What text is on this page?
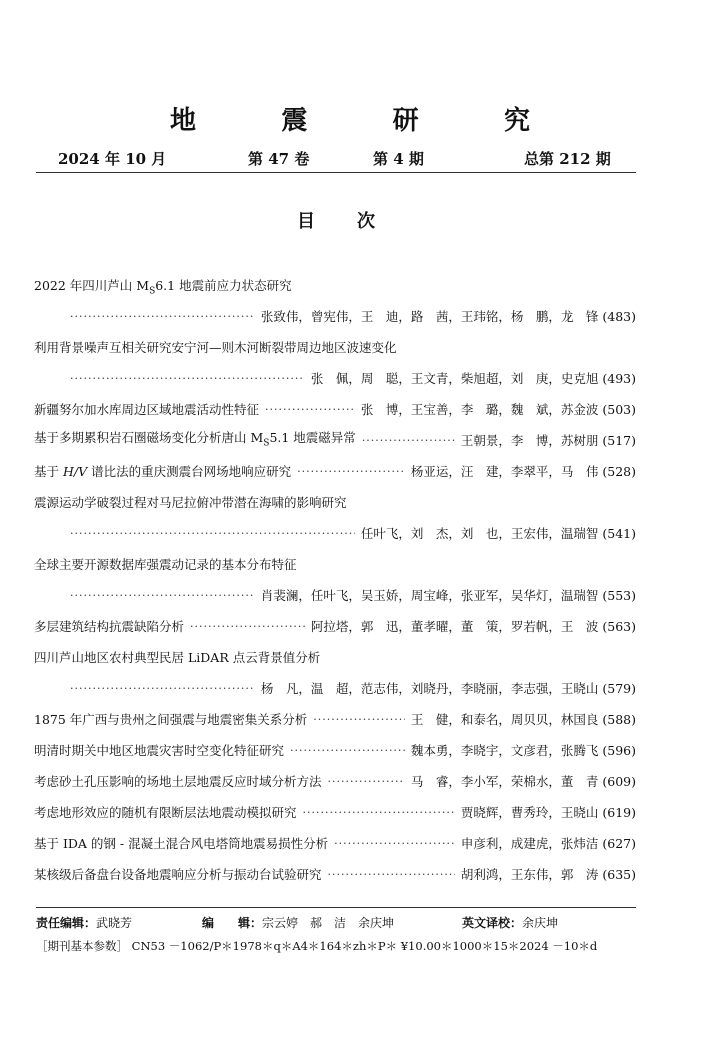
地	震	研	究
2024 年 10 月	第 47 卷	第 4 期	总第 212 期
目 次
2022 年四川芦山 $M_S6.1$ 地震前应力状态研究
·····
张致伟，曾宪伟，王　迪，路　茜，王玮铭，杨　鹏，龙　锋 (483)
利用背景噪声互相关研究安宁河—则木河断裂带周边地区波速变化
·····
张　佩，周　聪，王文青，柴旭超，刘　庚，史克旭 (493)
新疆努尔加水库周边区域地震活动性特征 ·····	张　博，王宝善，李　璐，魏　斌，苏金波 (503)
基于多期累积岩石圈磁场变化分析唐山 $M_S5.1$ 地震磁异常 ·····	王朝景，李　博，苏树朋 (517)
基于 H/V 谱比法的重庆测震台网场地响应研究 ·····	杨亚运，汪　建，李翠平，马　伟 (528)
震源运动学破裂过程对马尼拉俯冲带潜在海啸的影响研究
·····
任叶飞，刘　杰，刘　也，王宏伟，温瑞智 (541)
全球主要开源数据库强震动记录的基本分布特征
·····
肖裴澜，任叶飞，吴玉娇，周宝峰，张亚军，吴华灯，温瑞智 (553)
多层建筑结构抗震缺陷分析 ·····	阿拉塔，郭　迅，董孝曜，董　策，罗若帆，王　波 (563)
四川芦山地区农村典型民居 LiDAR 点云背景值分析
·····
杨　凡，温　超，范志伟，刘晓丹，李晓丽，李志强，王晓山 (579)
1875 年广西与贵州之间强震与地震密集关系分析 ·····	王　健，和泰名，周贝贝，林国良 (588)
明清时期关中地区地震灾害时空变化特征研究 ·····	魏本勇，李晓宇，文彦君，张腾飞 (596)
考虑砂土孔压影响的场地土层地震反应时域分析方法 ·····	马　睿，李小军，荣棉水，董　青 (609)
考虑地形效应的随机有限断层法地震动模拟研究 ·····	贾晓辉，曹秀玲，王晓山 (619)
基于 IDA 的钢 - 混凝土混合风电塔筒地震易损性分析 ·····	申彦利，成建虎，张炜洁 (627)
某核级后备盘台设备地震响应分析与振动台试验研究 ·····	胡利鸿，王东伟，郭　涛 (635)
责任编辑：武晓芳	编　　辑：宗云婷　郝　洁　余庆坤	英文译校：余庆坤
［期刊基本参数］ CN53 －1062/P＊1978＊q＊A4＊164＊zh＊P＊ ¥10.00＊1000＊15＊2024 －10＊d
